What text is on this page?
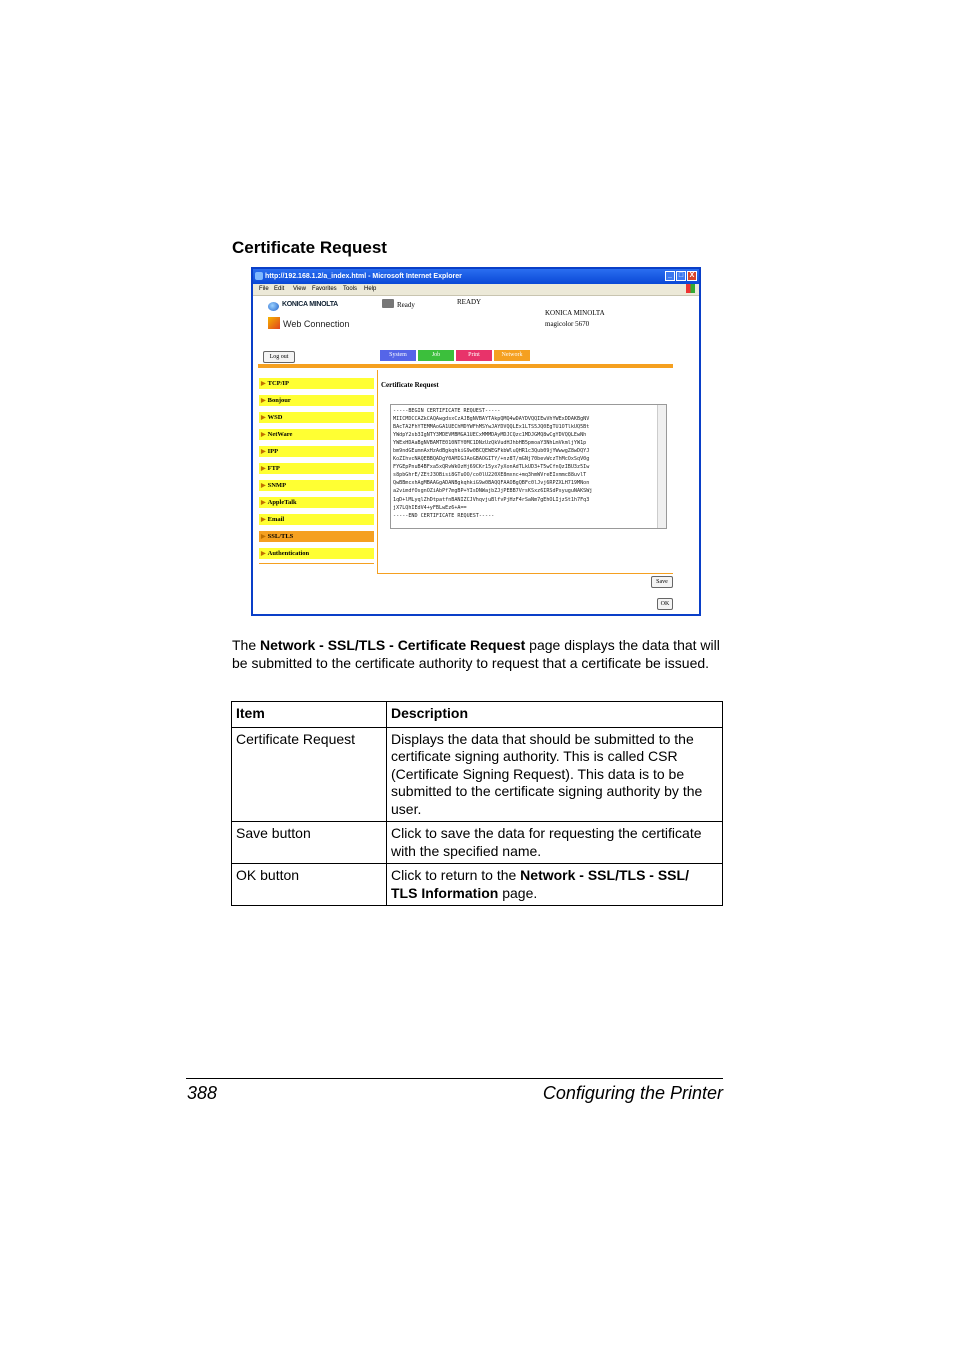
Certificate Request
http://192.168.1.2/a_index.html - Microsoft Internet Explorer	_ □ X
File Edit View Favorites Tools Help
KONICA MINOLTA
Web Connection
Ready	READY
KONICA MINOLTA
magicolor 5670
Log out	System	Job	Print	Network
▶ TCP/IP
▶ Bonjour
▶ WSD
▶ NetWare
▶ IPP
▶ FTP
▶ SNMP
▶ AppleTalk
▶ Email
▶ SSL/TLS
▶ Authentication
Certificate Request
-----BEGIN CERTIFICATE REQUEST-----
MIICMDCCAZkCAQAwgdsxCzAJBgNVBAYTAkpQMQ4wDAYDVQQIEwVhYWExDDAKBgNV
BAcTA2FhYTEMMAoGA1UEChMDYWFhMSYwJAYDVQQLEx1LTS5JQ0EgTU1OTlkUQ5Bt
YWdpY2sb3IgNTY3MDEVMBMGA1UECxMMMDAyMDJCQzc1MDJGMQ8wCgYDVQQLEwNh
YWExHDAaBgNVBAMTE010NTY0MC1DNzUzQkVudHJhbHB5pmoaY3NhLmVkmljYW1p
bm9ndGEumnAxHzAdBgkqhkiG9w0BCQEWEGFkbWluQHR1c3Qub09jYWwwgZ8wDQYJ
KoZIhvcNAQEBBQADgY0AMIGJAoGBAOGITY/+nz8T/mGNj70bevWczThMcOxSqV0g
FYGEpPnuB4BFxa5xQRvWkOzHj69CKr15yx7yXonAdTLkUD3+T5wCfnQzIBU3z5Iw
s8pbGhrE/ZEtJ3OBisi8GTuOO/co0lU220XE8mxnc+mq3hmWVreEIxmmc88uvlT
QwBBmcxhAgMBAAGgADANBgkqhkiG9w0BAQQFAAOBgQBFc0lJvj6RPZXLH719MNon
a2vimdfOsgnOZiAbPf7mgBP+YIsDNWajbZJjPEBB7VrsKSxz6IRSdPsyuguNAKSWj
1qD+lMLyqlZhDtpatfnBANIZCJVhqvjuBlfvPjHzF4rSaNm7gEhOLIjzSt1h7Fq3
jX7LQhIEdV4+yFBLwEz6+A==
-----END CERTIFICATE REQUEST-----
Save
OK
The Network - SSL/TLS - Certificate Request page displays the data that will be submitted to the certificate authority to request that a certificate be issued.
Item	Description
Certificate Request	Displays the data that should be submitted to the certificate signing authority. This is called CSR (Certificate Signing Request). This data is to be submitted to the certificate signing authority by the user.
Save button	Click to save the data for requesting the certificate with the specified name.
OK button	Click to return to the Network - SSL/TLS - SSL/ TLS Information page.
388	Configuring the Printer
